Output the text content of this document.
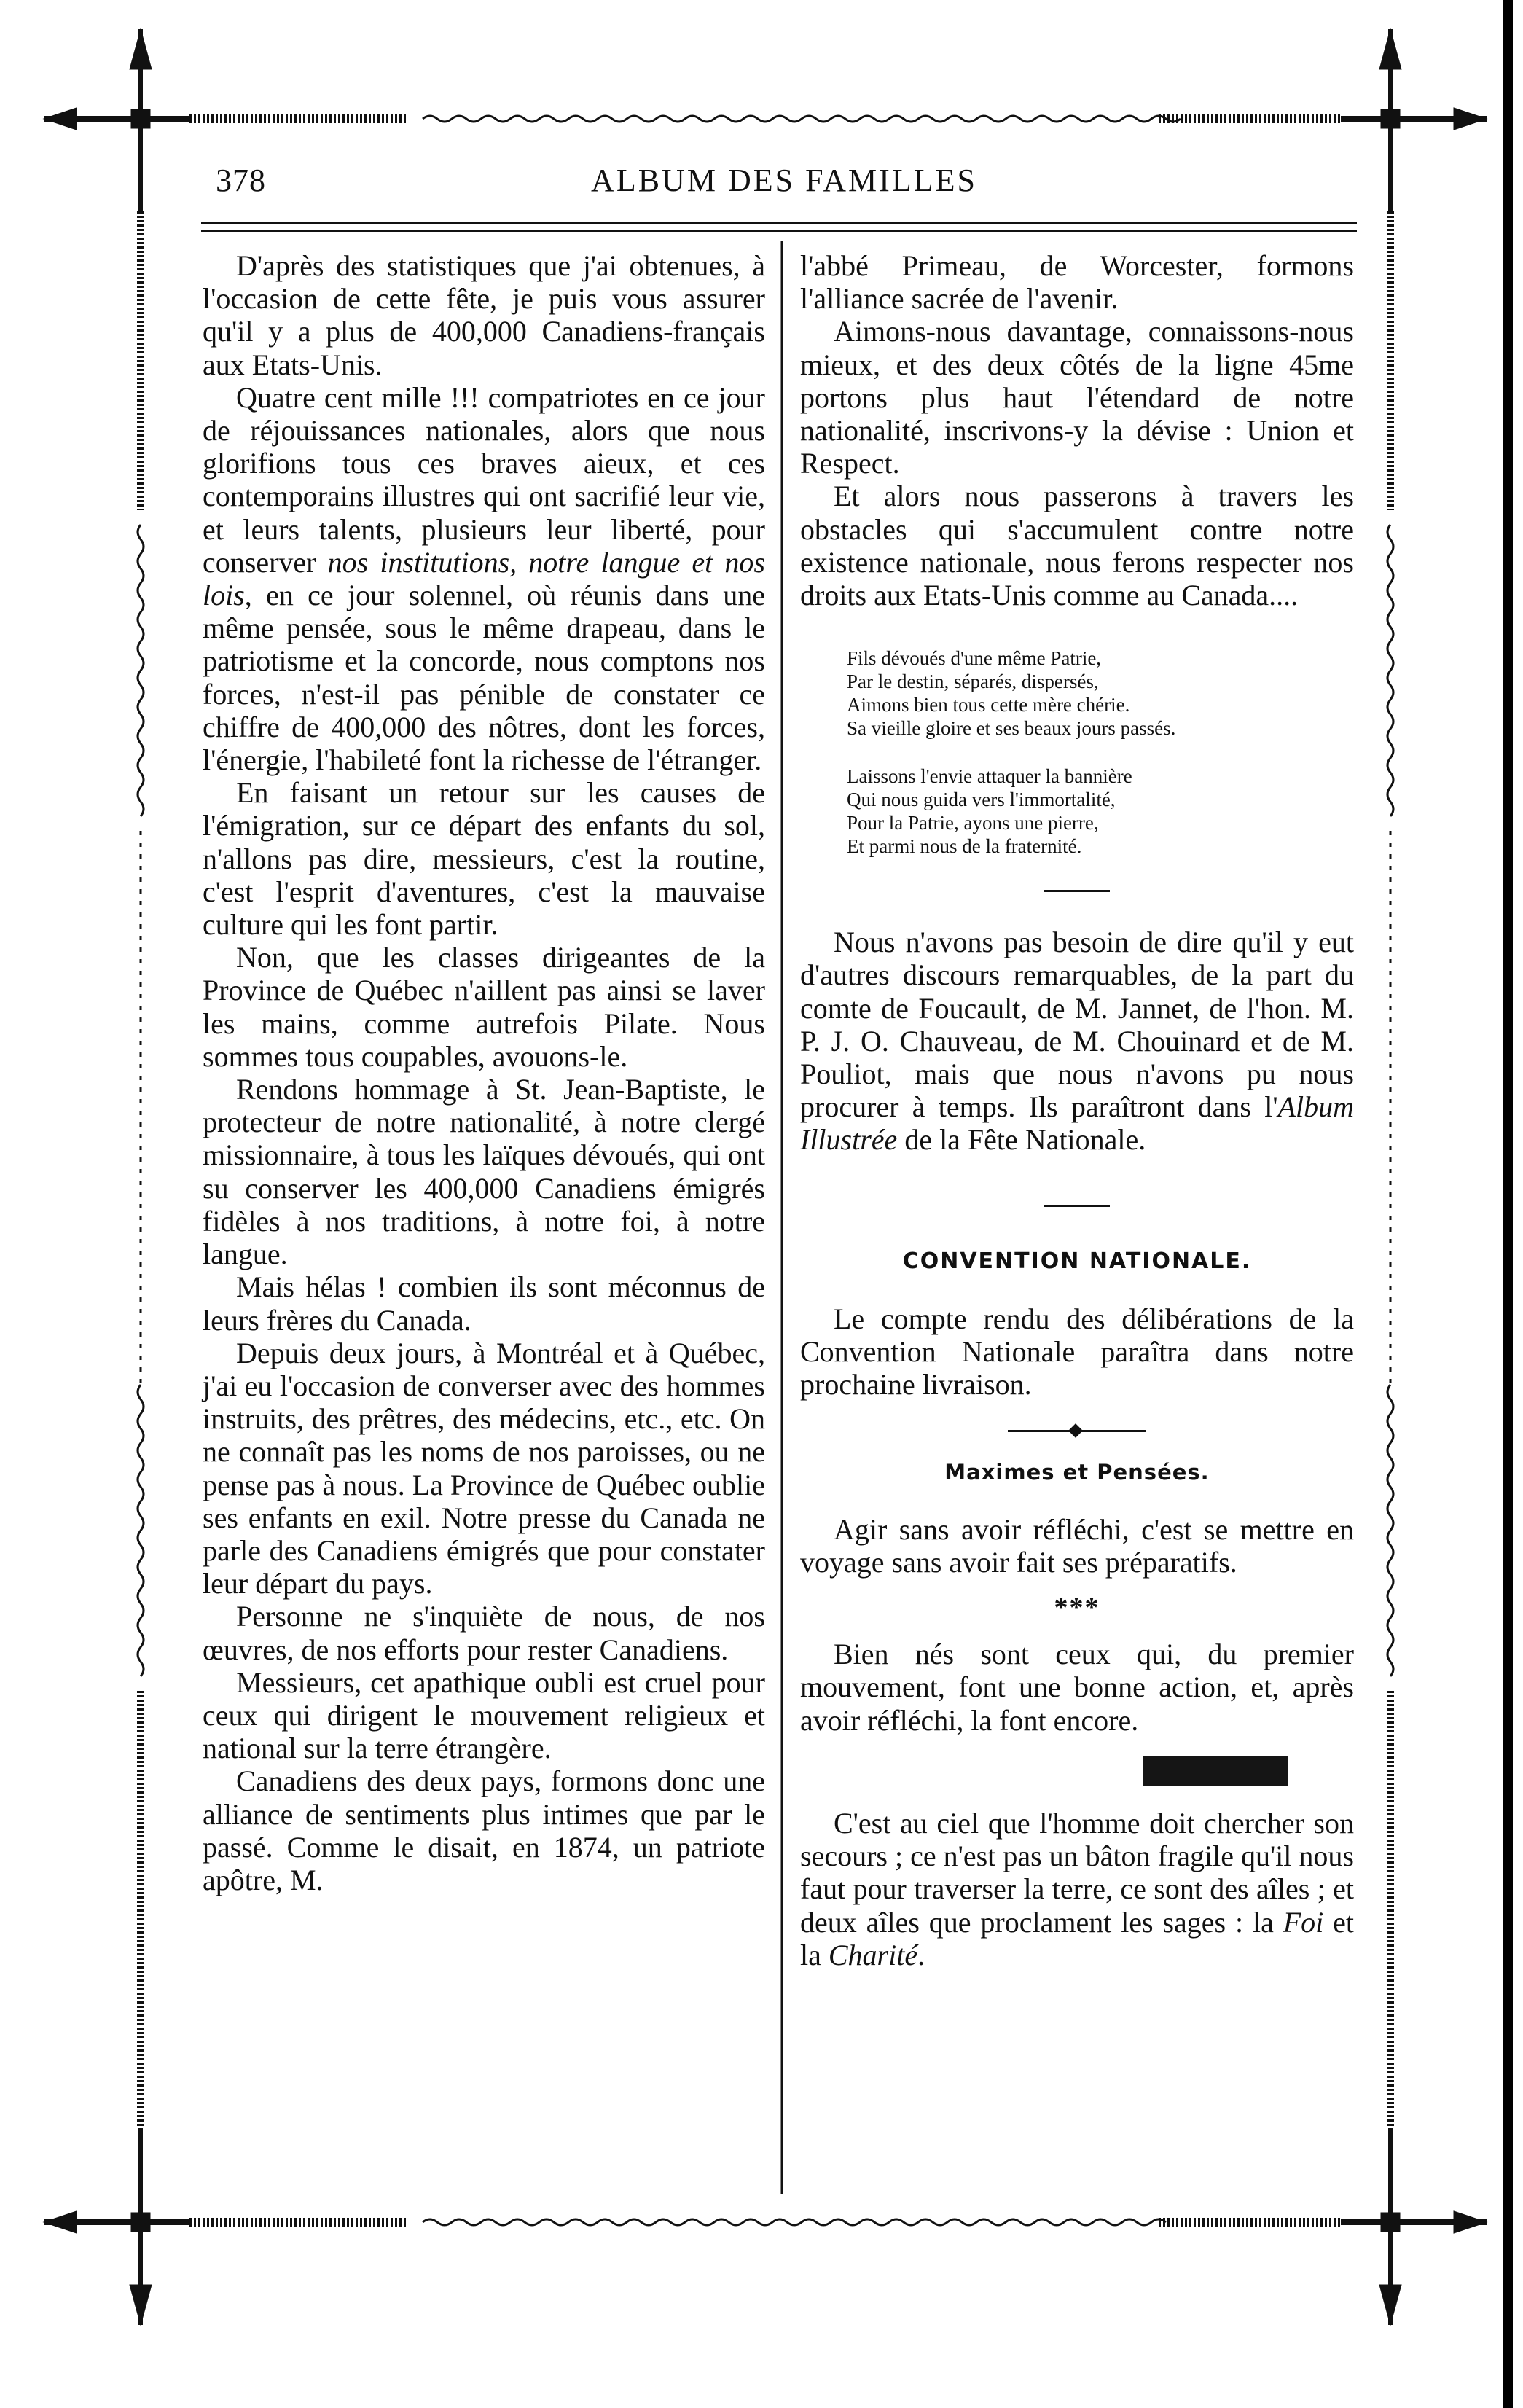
378	ALBUM DES FAMILLES

D'après des statistiques que j'ai obtenues, à l'occasion de cette fête, je puis vous assurer qu'il y a plus de 400,000 Canadiens-français aux Etats-Unis.

Quatre cent mille !!! compatriotes en ce jour de réjouissances nationales, alors que nous glorifions tous ces braves aieux, et ces contemporains illustres qui ont sacrifié leur vie, et leurs talents, plusieurs leur liberté, pour conserver nos institutions, notre langue et nos lois, en ce jour solennel, où réunis dans une même pensée, sous le même drapeau, dans le patriotisme et la concorde, nous comptons nos forces, n'est-il pas pénible de constater ce chiffre de 400,000 des nôtres, dont les forces, l'énergie, l'habileté font la richesse de l'étranger.

En faisant un retour sur les causes de l'émigration, sur ce départ des enfants du sol, n'allons pas dire, messieurs, c'est la routine, c'est l'esprit d'aventures, c'est la mauvaise culture qui les font partir.

Non, que les classes dirigeantes de la Province de Québec n'aillent pas ainsi se laver les mains, comme autrefois Pilate. Nous sommes tous coupables, avouons-le.

Rendons hommage à St. Jean-Baptiste, le protecteur de notre nationalité, à notre clergé missionnaire, à tous les laïques dévoués, qui ont su conserver les 400,000 Canadiens émigrés fidèles à nos traditions, à notre foi, à notre langue.

Mais hélas ! combien ils sont méconnus de leurs frères du Canada.

Depuis deux jours, à Montréal et à Québec, j'ai eu l'occasion de converser avec des hommes instruits, des prêtres, des médecins, etc., etc. On ne connaît pas les noms de nos paroisses, ou ne pense pas à nous. La Province de Québec oublie ses enfants en exil. Notre presse du Canada ne parle des Canadiens émigrés que pour constater leur départ du pays.

Personne ne s'inquiète de nous, de nos œuvres, de nos efforts pour rester Canadiens.

Messieurs, cet apathique oubli est cruel pour ceux qui dirigent le mouvement religieux et national sur la terre étrangère.

Canadiens des deux pays, formons donc une alliance de sentiments plus intimes que par le passé. Comme le disait, en 1874, un patriote apôtre, M.

l'abbé Primeau, de Worcester, formons l'alliance sacrée de l'avenir.

Aimons-nous davantage, connaissons-nous mieux, et des deux côtés de la ligne 45me portons plus haut l'étendard de notre nationalité, inscrivons-y la dévise : Union et Respect.

Et alors nous passerons à travers les obstacles qui s'accumulent contre notre existence nationale, nous ferons respecter nos droits aux Etats-Unis comme au Canada....

Fils dévoués d'une même Patrie,
Par le destin, séparés, dispersés,
Aimons bien tous cette mère chérie.
Sa vieille gloire et ses beaux jours passés.
Laissons l'envie attaquer la bannière
Qui nous guida vers l'immortalité,
Pour la Patrie, ayons une pierre,
Et parmi nous de la fraternité.

Nous n'avons pas besoin de dire qu'il y eut d'autres discours remarquables, de la part du comte de Foucault, de M. Jannet, de l'hon. M. P. J. O. Chauveau, de M. Chouinard et de M. Pouliot, mais que nous n'avons pu nous procurer à temps. Ils paraîtront dans l'Album Illustrée de la Fête Nationale.

CONVENTION NATIONALE.

Le compte rendu des délibérations de la Convention Nationale paraîtra dans notre prochaine livraison.

Maximes et Pensées.

Agir sans avoir réfléchi, c'est se mettre en voyage sans avoir fait ses préparatifs.

***

Bien nés sont ceux qui, du premier mouvement, font une bonne action, et, après avoir réfléchi, la font encore.

C'est au ciel que l'homme doit chercher son secours ; ce n'est pas un bâton fragile qu'il nous faut pour traverser la terre, ce sont des aîles ; et deux aîles que proclament les sages : la Foi et la Charité.
